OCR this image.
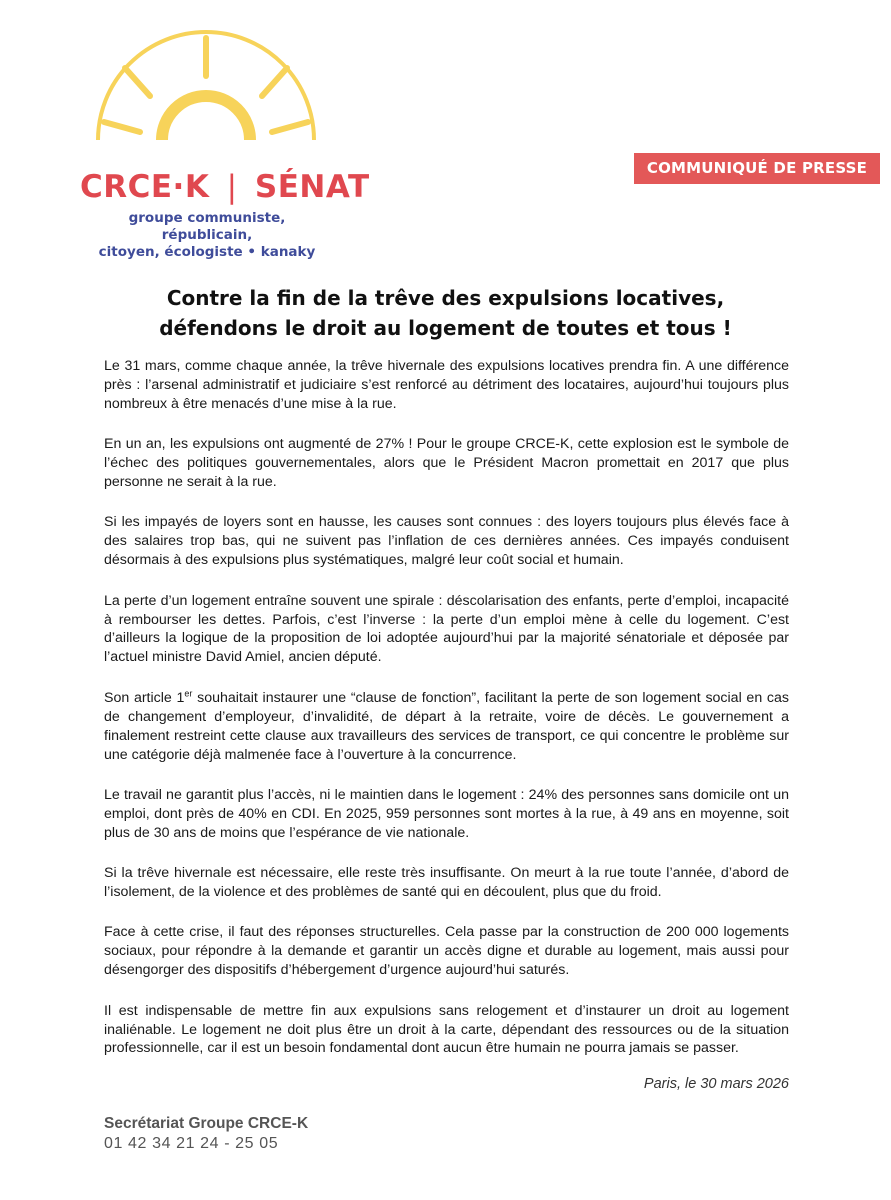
CRCE·K | SÉNAT
groupe communiste, républicain,
citoyen, écologiste • kanaky
COMMUNIQUÉ DE PRESSE
Contre la fin de la trêve des expulsions locatives,
défendons le droit au logement de toutes et tous !

Le 31 mars, comme chaque année, la trêve hivernale des expulsions locatives prendra fin. A une différence près : l’arsenal administratif et judiciaire s’est renforcé au détriment des locataires, aujourd’hui toujours plus nombreux à être menacés d’une mise à la rue.

En un an, les expulsions ont augmenté de 27% ! Pour le groupe CRCE-K, cette explosion est le symbole de l’échec des politiques gouvernementales, alors que le Président Macron promettait en 2017 que plus personne ne serait à la rue.

Si les impayés de loyers sont en hausse, les causes sont connues : des loyers toujours plus élevés face à des salaires trop bas, qui ne suivent pas l’inflation de ces dernières années. Ces impayés conduisent désormais à des expulsions plus systématiques, malgré leur coût social et humain.

La perte d’un logement entraîne souvent une spirale : déscolarisation des enfants, perte d’emploi, incapacité à rembourser les dettes. Parfois, c’est l’inverse : la perte d’un emploi mène à celle du logement. C’est d’ailleurs la logique de la proposition de loi adoptée aujourd’hui par la majorité sénatoriale et déposée par l’actuel ministre David Amiel, ancien député.

Son article 1er souhaitait instaurer une “clause de fonction”, facilitant la perte de son logement social en cas de changement d’employeur, d’invalidité, de départ à la retraite, voire de décès. Le gouvernement a finalement restreint cette clause aux travailleurs des services de transport, ce qui concentre le problème sur une catégorie déjà malmenée face à l’ouverture à la concurrence.

Le travail ne garantit plus l’accès, ni le maintien dans le logement : 24% des personnes sans domicile ont un emploi, dont près de 40% en CDI. En 2025, 959 personnes sont mortes à la rue, à 49 ans en moyenne, soit plus de 30 ans de moins que l’espérance de vie nationale.

Si la trêve hivernale est nécessaire, elle reste très insuffisante. On meurt à la rue toute l’année, d’abord de l’isolement, de la violence et des problèmes de santé qui en découlent, plus que du froid.

Face à cette crise, il faut des réponses structurelles. Cela passe par la construction de 200 000 logements sociaux, pour répondre à la demande et garantir un accès digne et durable au logement, mais aussi pour désengorger des dispositifs d’hébergement d’urgence aujourd’hui saturés.

Il est indispensable de mettre fin aux expulsions sans relogement et d’instaurer un droit au logement inaliénable. Le logement ne doit plus être un droit à la carte, dépendant des ressources ou de la situation professionnelle, car il est un besoin fondamental dont aucun être humain ne pourra jamais se passer.

Paris, le 30 mars 2026
Secrétariat Groupe CRCE-K
01 42 34 21 24 - 25 05
